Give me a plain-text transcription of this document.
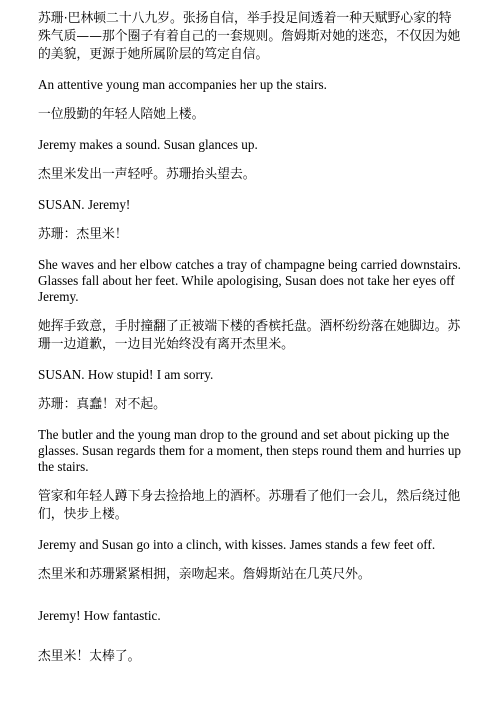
苏珊·巴林顿二十八九岁。张扬自信，举手投足间透着一种天赋野心家的特殊气质——那个圈子有着自己的一套规则。詹姆斯对她的迷恋，不仅因为她的美貌，更源于她所属阶层的笃定自信。

An attentive young man accompanies her up the stairs.

一位殷勤的年轻人陪她上楼。

Jeremy makes a sound. Susan glances up.

杰里米发出一声轻呼。苏珊抬头望去。

SUSAN. Jeremy!

苏珊：杰里米！

She waves and her elbow catches a tray of champagne being carried downstairs. Glasses fall about her feet. While apologising, Susan does not take her eyes off Jeremy.

她挥手致意，手肘撞翻了正被端下楼的香槟托盘。酒杯纷纷落在她脚边。苏珊一边道歉，一边目光始终没有离开杰里米。

SUSAN. How stupid! I am sorry.

苏珊：真蠢！对不起。

The butler and the young man drop to the ground and set about picking up the glasses. Susan regards them for a moment, then steps round them and hurries up the stairs.

管家和年轻人蹲下身去捡拾地上的酒杯。苏珊看了他们一会儿，然后绕过他们，快步上楼。

Jeremy and Susan go into a clinch, with kisses. James stands a few feet off.

杰里米和苏珊紧紧相拥，亲吻起来。詹姆斯站在几英尺外。

Jeremy! How fantastic.

杰里米！太棒了。
